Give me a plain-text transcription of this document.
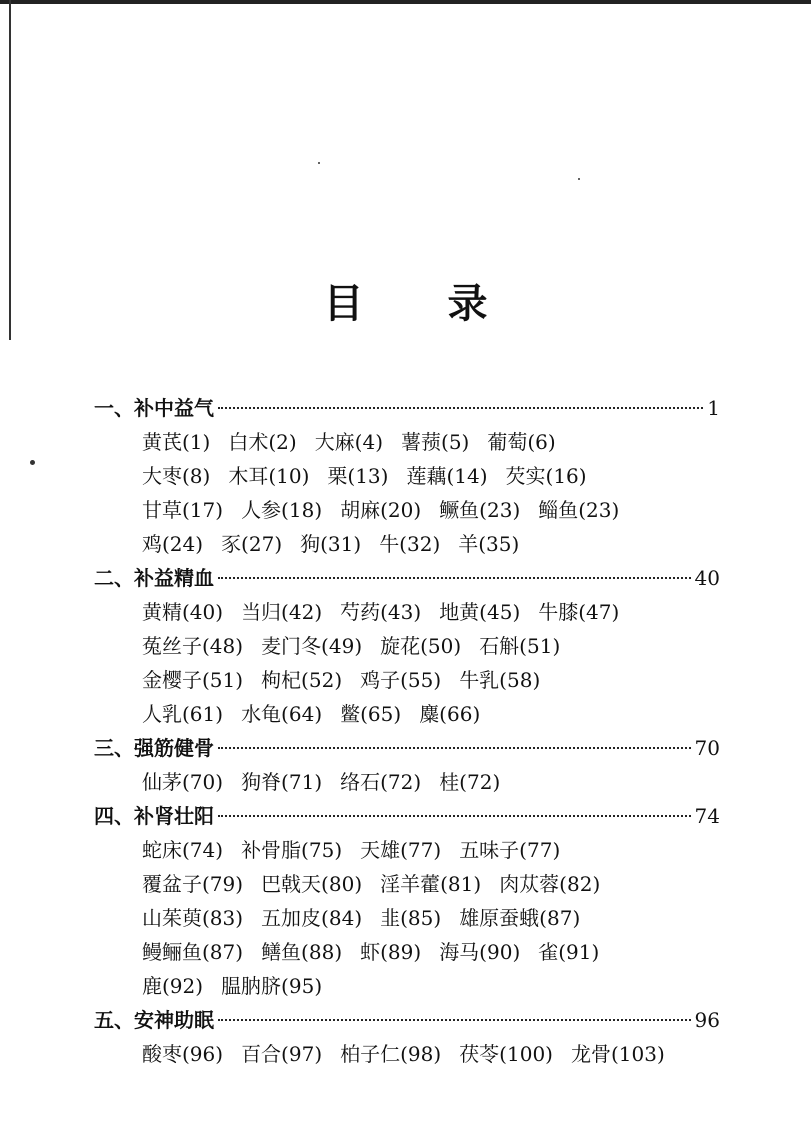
目 录
一、补中益气	1
黄芪(1) 白术(2) 大麻(4) 薯蓣(5) 葡萄(6)
大枣(8) 木耳(10) 栗(13) 莲藕(14) 芡实(16)
甘草(17) 人参(18) 胡麻(20) 鳜鱼(23) 鲻鱼(23)
鸡(24) 豕(27) 狗(31) 牛(32) 羊(35)
二、补益精血	40
黄精(40) 当归(42) 芍药(43) 地黄(45) 牛膝(47)
菟丝子(48) 麦门冬(49) 旋花(50) 石斛(51)
金樱子(51) 枸杞(52) 鸡子(55) 牛乳(58)
人乳(61) 水龟(64) 鳖(65) 麋(66)
三、强筋健骨	70
仙茅(70) 狗脊(71) 络石(72) 桂(72)
四、补肾壮阳	74
蛇床(74) 补骨脂(75) 天雄(77) 五味子(77)
覆盆子(79) 巴戟天(80) 淫羊藿(81) 肉苁蓉(82)
山茱萸(83) 五加皮(84) 韭(85) 雄原蚕蛾(87)
鳗鲡鱼(87) 鳝鱼(88) 虾(89) 海马(90) 雀(91)
鹿(92) 腽肭脐(95)
五、安神助眠	96
酸枣(96) 百合(97) 柏子仁(98) 茯苓(100) 龙骨(103)
